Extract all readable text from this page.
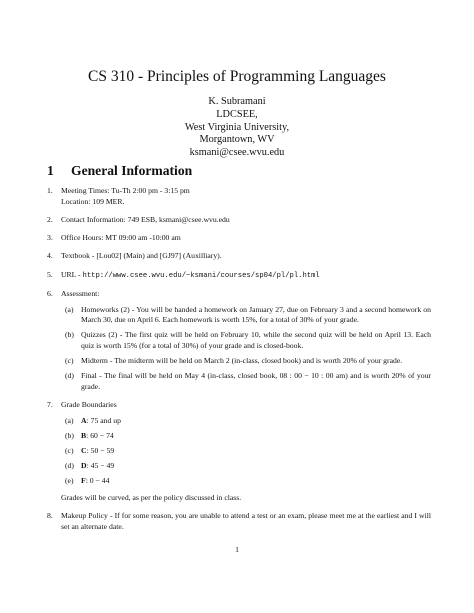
CS 310 - Principles of Programming Languages
K. Subramani
LDCSEE,
West Virginia University,
Morgantown, WV
ksmani@csee.wvu.edu
1 General Information
1. Meeting Times: Tu-Th 2:00 pm - 3:15 pm
Location: 109 MER.
2. Contact Information: 749 ESB, ksmani@csee.wvu.edu
3. Office Hours: MT 09:00 am -10:00 am
4. Textbook - [Lou02] (Main) and [GJ97] (Auxilliary).
5. URL - http://www.csee.wvu.edu/~ksmani/courses/sp04/pl/pl.html
6. Assessment:
(a) Homeworks (2) - You will be handed a homework on January 27, due on February 3 and a second homework on March 30, due on April 6. Each homework is worth 15%, for a total of 30% of your grade.
(b) Quizzes (2) - The first quiz will be held on February 10, while the second quiz will be held on April 13. Each quiz is worth 15% (for a total of 30%) of your grade and is closed-book.
(c) Midterm - The midterm will be held on March 2 (in-class, closed book) and is worth 20% of your grade.
(d) Final - The final will be held on May 4 (in-class, closed book, 08 : 00 − 10 : 00 am) and is worth 20% of your grade.
7. Grade Boundaries
(a) A: 75 and up
(b) B: 60 − 74
(c) C: 50 − 59
(d) D: 45 − 49
(e) F: 0 − 44
Grades will be curved, as per the policy discussed in class.
8. Makeup Policy - If for some reason, you are unable to attend a test or an exam, please meet me at the earliest and I will set an alternate date.
1
